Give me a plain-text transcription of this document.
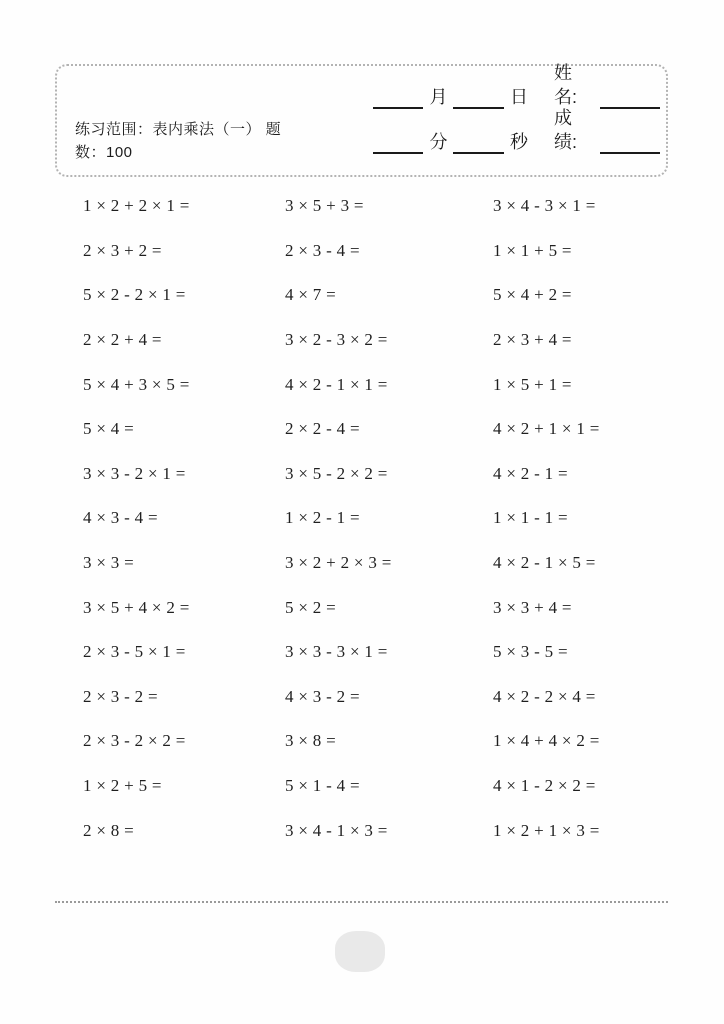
练习范围：表内乘法（一） 题
数：100
月	日
姓名:
分	秒
成绩:
1 × 2 + 2 × 1 =	3 × 5 + 3 =	3 × 4 - 3 × 1 =
2 × 3 + 2 =	2 × 3 - 4 =	1 × 1 + 5 =
5 × 2 - 2 × 1 =	4 × 7 =	5 × 4 + 2 =
2 × 2 + 4 =	3 × 2 - 3 × 2 =	2 × 3 + 4 =
5 × 4 + 3 × 5 =	4 × 2 - 1 × 1 =	1 × 5 + 1 =
5 × 4 =	2 × 2 - 4 =	4 × 2 + 1 × 1 =
3 × 3 - 2 × 1 =	3 × 5 - 2 × 2 =	4 × 2 - 1 =
4 × 3 - 4 =	1 × 2 - 1 =	1 × 1 - 1 =
3 × 3 =	3 × 2 + 2 × 3 =	4 × 2 - 1 × 5 =
3 × 5 + 4 × 2 =	5 × 2 =	3 × 3 + 4 =
2 × 3 - 5 × 1 =	3 × 3 - 3 × 1 =	5 × 3 - 5 =
2 × 3 - 2 =	4 × 3 - 2 =	4 × 2 - 2 × 4 =
2 × 3 - 2 × 2 =	3 × 8 =	1 × 4 + 4 × 2 =
1 × 2 + 5 =	5 × 1 - 4 =	4 × 1 - 2 × 2 =
2 × 8 =	3 × 4 - 1 × 3 =	1 × 2 + 1 × 3 =
